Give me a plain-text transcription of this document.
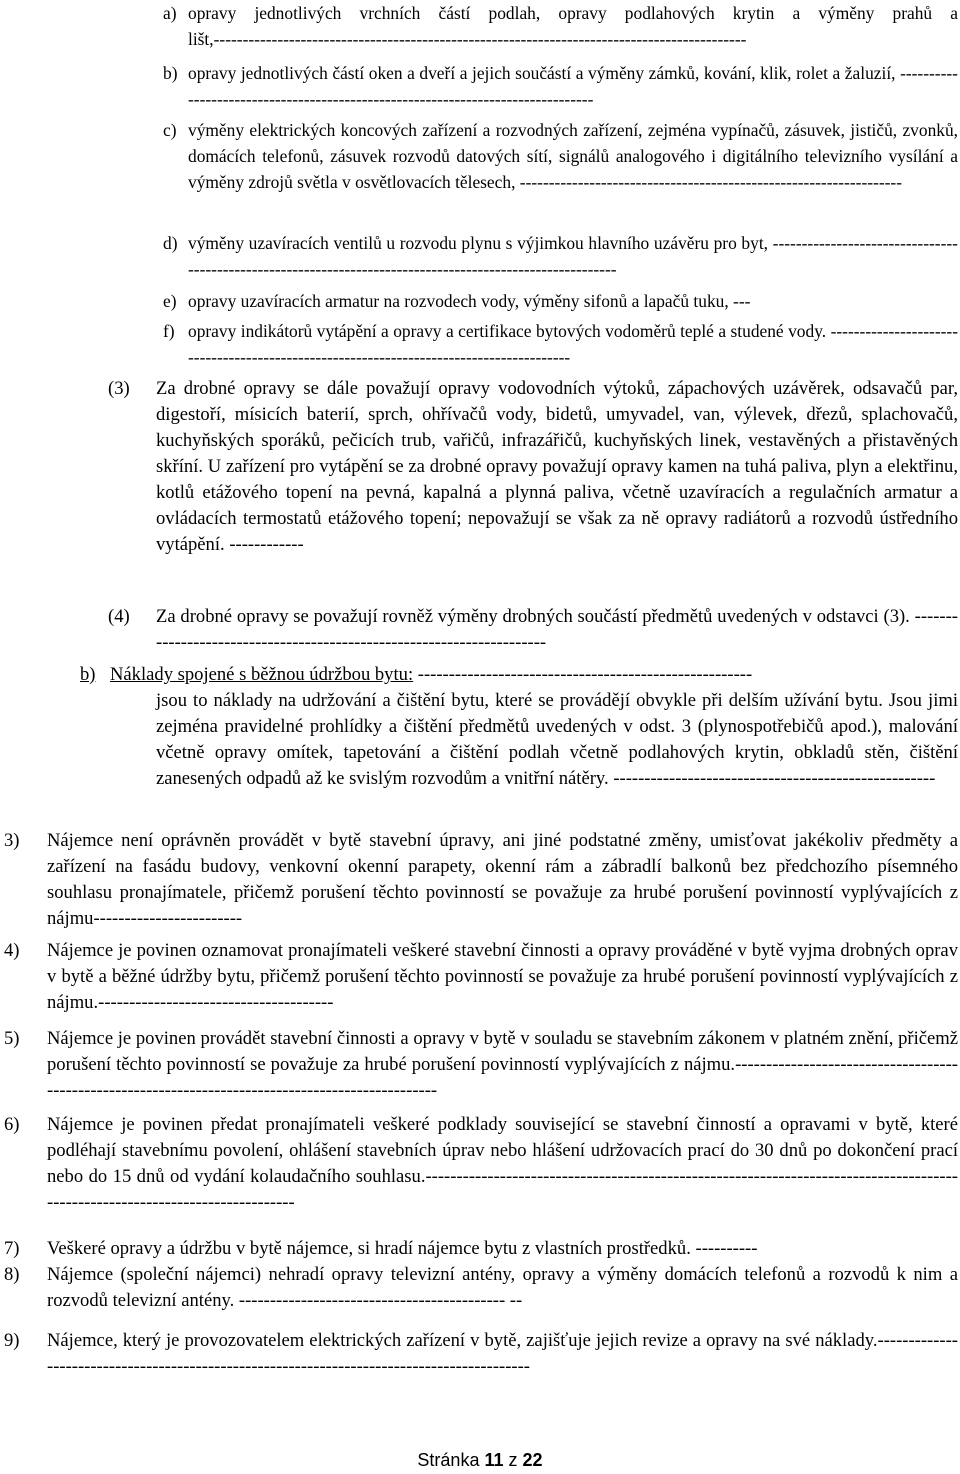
a) opravy jednotlivých vrchních částí podlah, opravy podlahových krytin a výměny prahů a lišt,--------------------------------------------------------------------------------------------
b) opravy jednotlivých částí oken a dveří a jejich součástí a výměny zámků, kování, klik, rolet a žaluzií, --------------------------------------------------------------------------------
c) výměny elektrických koncových zařízení a rozvodných zařízení, zejména vypínačů, zásuvek, jističů, zvonků, domácích telefonů, zásuvek rozvodů datových sítí, signálů analogového i digitálního televizního vysílání a výměny zdrojů světla v osvětlovacích tělesech, ------------------------------------------------------------------
d) výměny uzavíracích ventilů u rozvodu plynu s výjimkou hlavního uzávěru pro byt, ----------------------------------------------------------------------------------------------------------
e) opravy uzavíracích armatur na rozvodech vody, výměny sifonů a lapačů tuku, ---
f) opravy indikátorů vytápění a opravy a certifikace bytových vodoměrů teplé a studené vody. ----------------------------------------------------------------------------------------
(3)	Za drobné opravy se dále považují opravy vodovodních výtoků, zápachových uzávěrek, odsavačů par, digestoří, mísicích baterií, sprch, ohřívačů vody, bidetů, umyvadel, van, výlevek, dřezů, splachovačů, kuchyňských sporáků, pečicích trub, vařičů, infrazářičů, kuchyňských linek, vestavěných a přistavěných skříní. U zařízení pro vytápění se za drobné opravy považují opravy kamen na tuhá paliva, plyn a elektřinu, kotlů etážového topení na pevná, kapalná a plynná paliva, včetně uzavíracích a regulačních armatur a ovládacích termostatů etážového topení; nepovažují se však za ně opravy radiátorů a rozvodů ústředního vytápění. ------------
(4)	Za drobné opravy se považují rovněž výměny drobných součástí předmětů uvedených v odstavci (3). ----------------------------------------------------------------------
b) Náklady spojené s běžnou údržbou bytu: ------------------------------------------------------
jsou to náklady na udržování a čištění bytu, které se provádějí obvykle při delším užívání bytu. Jsou jimi zejména pravidelné prohlídky a čištění předmětů uvedených v odst. 3 (plynospotřebičů apod.), malování včetně opravy omítek, tapetování a čištění podlah včetně podlahových krytin, obkladů stěn, čištění zanesených odpadů až ke svislým rozvodům a vnitřní nátěry. ----------------------------------------------------
3)	Nájemce není oprávněn provádět v bytě stavební úpravy, ani jiné podstatné změny, umisťovat jakékoliv předměty a zařízení na fasádu budovy, venkovní okenní parapety, okenní rám a zábradlí balkonů bez předchozího písemného souhlasu pronajímatele, přičemž porušení těchto povinností se považuje za hrubé porušení povinností vyplývajících z nájmu------------------------
4)	Nájemce je povinen oznamovat pronajímateli veškeré stavební činnosti a opravy prováděné v bytě vyjma drobných oprav v bytě a běžné údržby bytu, přičemž porušení těchto povinností se považuje za hrubé porušení povinností vyplývajících z nájmu.--------------------------------------
5)	Nájemce je povinen provádět stavební činnosti a opravy v bytě v souladu se stavebním zákonem v platném znění, přičemž porušení těchto povinností se považuje za hrubé porušení povinností vyplývajících z nájmu.---------------------------------------------------------------------------------------------------
6)	Nájemce je povinen předat pronajímateli veškeré podklady související se stavební činností a opravami v bytě, které podléhají stavebnímu povolení, ohlášení stavebních úprav nebo hlášení udržovacích prací do 30 dnů po dokončení prací nebo do 15 dnů od vydání kolaudačního souhlasu.------------------------------------------------------------------------------------------------------------------------------
7)	Veškeré opravy a údržbu v bytě nájemce, si hradí nájemce bytu z vlastních prostředků. ----------
8)	Nájemce (společní nájemci) nehradí opravy televizní antény, opravy a výměny domácích telefonů a rozvodů k nim a rozvodů televizní antény. ------------------------------------------- --
9)	Nájemce, který je provozovatelem elektrických zařízení v bytě, zajišťuje jejich revize a opravy na své náklady.-------------------------------------------------------------------------------------------
Stránka 11 z 22
